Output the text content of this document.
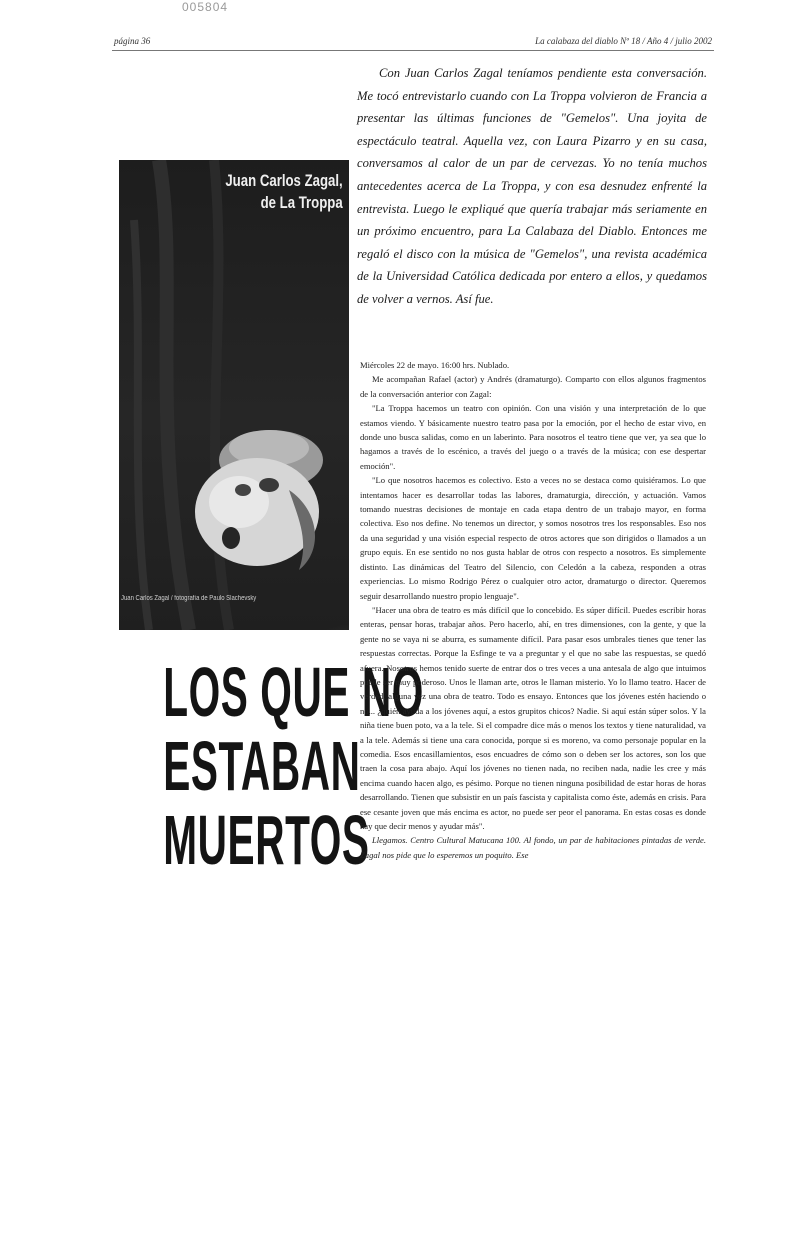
005804
página 36	La calabaza del diablo Nº 18 / Año 4 / julio 2002

Con Juan Carlos Zagal teníamos pendiente esta conversación. Me tocó entrevistarlo cuando con La Troppa volvieron de Francia a presentar las últimas funciones de "Gemelos". Una joyita de espectáculo teatral. Aquella vez, con Laura Pizarro y en su casa, conversamos al calor de un par de cervezas. Yo no tenía muchos antecedentes acerca de La Troppa, y con esa desnudez enfrenté la entrevista. Luego le expliqué que quería trabajar más seriamente en un próximo encuentro, para La Calabaza del Diablo. Entonces me regaló el disco con la música de "Gemelos", una revista académica de la Universidad Católica dedicada por entero a ellos, y quedamos de volver a vernos. Así fue.

Juan Carlos Zagal,
de La Troppa
Juan Carlos Zagal / fotografía de Paulo Slachevsky
LOS QUE NO
ESTABAN
MUERTOS

Miércoles 22 de mayo. 16:00 hrs. Nublado.

Me acompañan Rafael (actor) y Andrés (dramaturgo). Comparto con ellos algunos fragmentos de la conversación anterior con Zagal:

"La Troppa hacemos un teatro con opinión. Con una visión y una interpretación de lo que estamos viendo. Y básicamente nuestro teatro pasa por la emoción, por el hecho de estar vivo, en donde uno busca salidas, como en un laberinto. Para nosotros el teatro tiene que ver, ya sea que lo hagamos a través de lo escénico, a través del juego o a través de la música; con ese despertar emoción".

"Lo que nosotros hacemos es colectivo. Esto a veces no se destaca como quisiéramos. Lo que intentamos hacer es desarrollar todas las labores, dramaturgia, dirección, y actuación. Vamos tomando nuestras decisiones de montaje en cada etapa dentro de un trabajo mayor, en forma colectiva. Eso nos define. No tenemos un director, y somos nosotros tres los responsables. Eso nos da una seguridad y una visión especial respecto de otros actores que son dirigidos o llamados a un grupo equis. En ese sentido no nos gusta hablar de otros con respecto a nosotros. Es simplemente distinto. Las dinámicas del Teatro del Silencio, con Celedón a la cabeza, responden a otras experiencias. Lo mismo Rodrigo Pérez o cualquier otro actor, dramaturgo o director. Queremos seguir desarrollando nuestro propio lenguaje".

"Hacer una obra de teatro es más difícil que lo concebido. Es súper difícil. Puedes escribir horas enteras, pensar horas, trabajar años. Pero hacerlo, ahí, en tres dimensiones, con la gente, y que la gente no se vaya ni se aburra, es sumamente difícil. Para pasar esos umbrales tienes que tener las respuestas correctas. Porque la Esfinge te va a preguntar y el que no sabe las respuestas, se quedó afuera. Nosotros hemos tenido suerte de entrar dos o tres veces a una antesala de algo que intuimos puede ser muy poderoso. Unos le llaman arte, otros le llaman misterio. Yo lo llamo teatro. Hacer de verdad, alguna vez una obra de teatro. Todo es ensayo. Entonces que los jóvenes estén haciendo o no... ¿quién ayuda a los jóvenes aquí, a estos grupitos chicos? Nadie. Si aquí están súper solos. Y la niña tiene buen poto, va a la tele. Si el compadre dice más o menos los textos y tiene naturalidad, va a la tele. Además si tiene una cara conocida, porque si es moreno, va como personaje popular en la comedia. Esos encasillamientos, esos encuadres de cómo son o deben ser los actores, son los que traen la cosa para abajo. Aquí los jóvenes no tienen nada, no reciben nada, nadie les cree y más encima cuando hacen algo, es pésimo. Porque no tienen ninguna posibilidad de estar horas de horas desarrollando. Tienen que subsistir en un país fascista y capitalista como éste, además en crisis. Para ese cesante joven que más encima es actor, no puede ser peor el panorama. En estas cosas es donde hay que decir menos y ayudar más".

Llegamos. Centro Cultural Matucana 100. Al fondo, un par de habitaciones pintadas de verde. Zagal nos pide que lo esperemos un poquito. Ese
